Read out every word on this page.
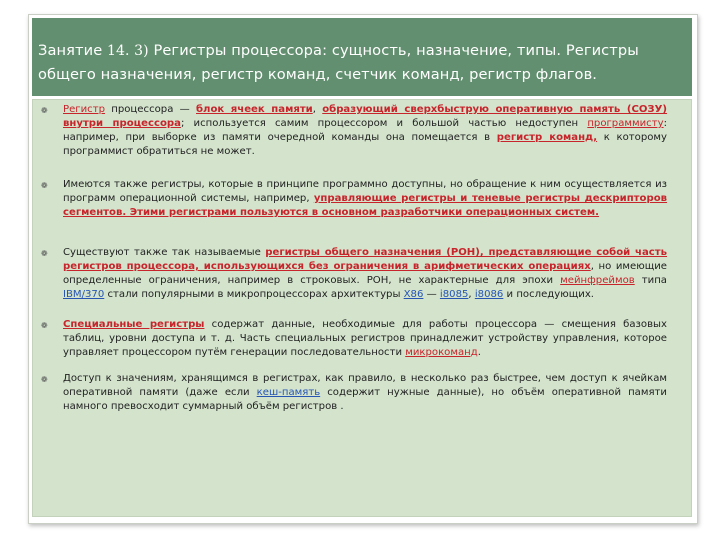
Занятие 14. 3) Регистры процессора: сущность, назначение, типы. Регистры общего назначения, регистр команд, счетчик команд, регистр флагов.
❁ Регистр процессора — блок ячеек памяти, образующий сверхбыструю оперативную память (СОЗУ) внутри процессора; используется самим процессором и большой частью недоступен программисту: например, при выборке из памяти очередной команды она помещается в регистр команд, к которому программист обратиться не может.
❁ Имеются также регистры, которые в принципе программно доступны, но обращение к ним осуществляется из программ операционной системы, например, управляющие регистры и теневые регистры дескрипторов сегментов. Этими регистрами пользуются в основном разработчики операционных систем.
❁ Существуют также так называемые регистры общего назначения (РОН), представляющие собой часть регистров процессора, использующихся без ограничения в арифметических операциях, но имеющие определенные ограничения, например в строковых. РОН, не характерные для эпохи мейнфреймов типа IBM/370 стали популярными в микропроцессорах архитектуры X86 — i8085, i8086 и последующих.
❁ Специальные регистры содержат данные, необходимые для работы процессора — смещения базовых таблиц, уровни доступа и т. д. Часть специальных регистров принадлежит устройству управления, которое управляет процессором путём генерации последовательности микрокоманд.
❁ Доступ к значениям, хранящимся в регистрах, как правило, в несколько раз быстрее, чем доступ к ячейкам оперативной памяти (даже если кеш-память содержит нужные данные), но объём оперативной памяти намного превосходит суммарный объём регистров .
